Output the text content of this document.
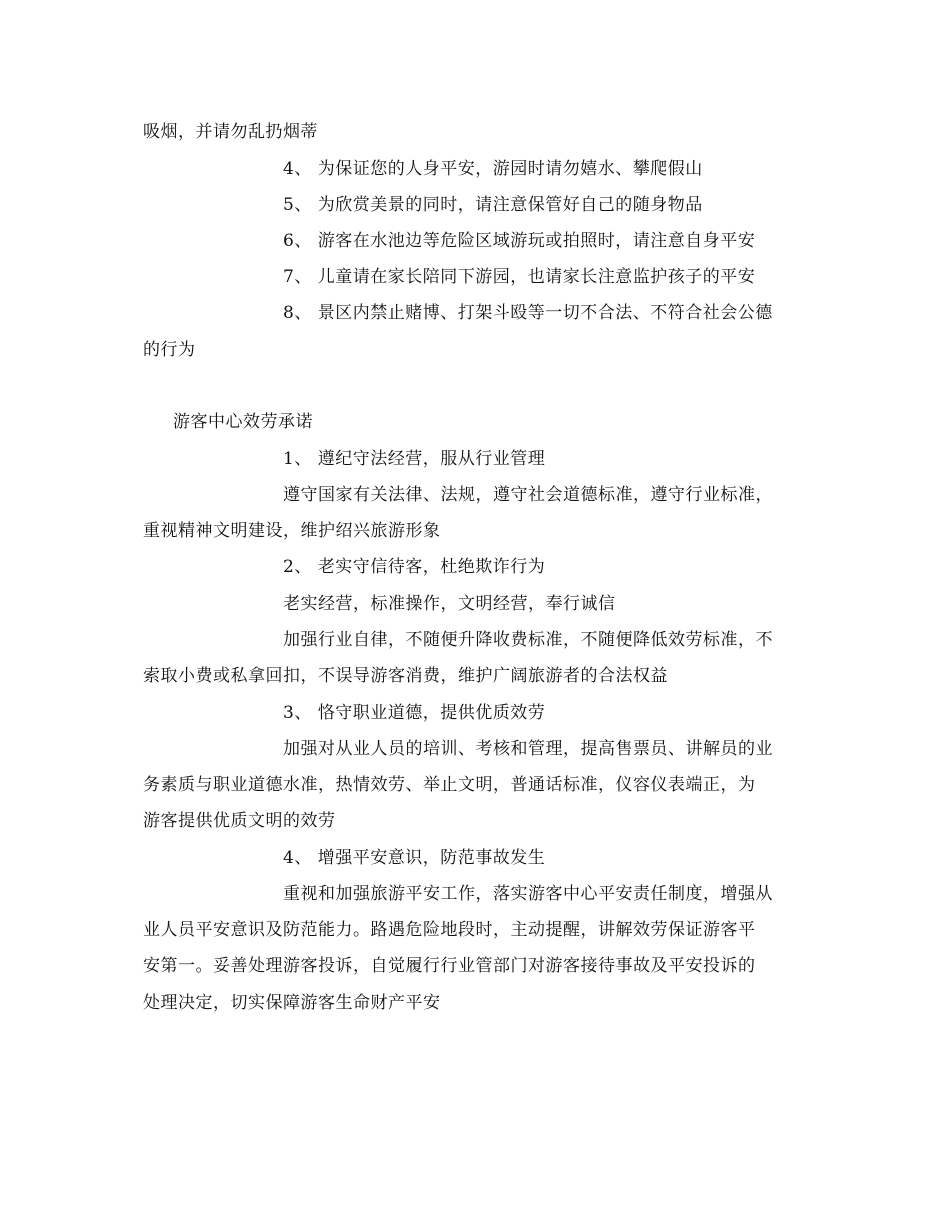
吸烟，并请勿乱扔烟蒂
4、 为保证您的人身平安，游园时请勿嬉水、攀爬假山
5、 为欣赏美景的同时，请注意保管好自己的随身物品
6、 游客在水池边等危险区域游玩或拍照时，请注意自身平安
7、 儿童请在家长陪同下游园，也请家长注意监护孩子的平安
8、 景区内禁止赌博、打架斗殴等一切不合法、不符合社会公德
的行为
游客中心效劳承诺
1、 遵纪守法经营，服从行业管理
遵守国家有关法律、法规，遵守社会道德标准，遵守行业标准，
重视精神文明建设，维护绍兴旅游形象
2、 老实守信待客，杜绝欺诈行为
老实经营，标准操作，文明经营，奉行诚信
加强行业自律，不随便升降收费标准，不随便降低效劳标准，不
索取小费或私拿回扣，不误导游客消费，维护广阔旅游者的合法权益
3、 恪守职业道德，提供优质效劳
加强对从业人员的培训、考核和管理，提高售票员、讲解员的业
务素质与职业道德水准，热情效劳、举止文明，普通话标准，仪容仪表端正，为
游客提供优质文明的效劳
4、 增强平安意识，防范事故发生
重视和加强旅游平安工作，落实游客中心平安责任制度，增强从
业人员平安意识及防范能力。路遇危险地段时，主动提醒，讲解效劳保证游客平
安第一。妥善处理游客投诉，自觉履行行业管部门对游客接待事故及平安投诉的
处理决定，切实保障游客生命财产平安
